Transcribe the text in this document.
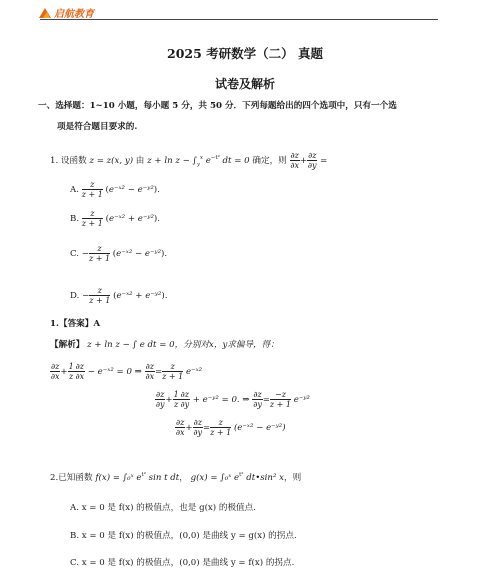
启航教育
2025 考研数学（二） 真题
试卷及解析
一、选择题：1~10 小题，每小题 5 分，共 50 分．下列每题给出的四个选项中，只有一个选
项是符合题目要求的.
1. 设函数 z = z(x, y) 由 $z + \ln z - \int_y^x$ $e^{-t^2}$ dt = 0 确定，则 $\frac{\partial z}{\partial x} + \frac{\partial z}{\partial y}$ =
A. $\frac{z}{z + 1}$ (e⁻ˣ² − e⁻ʸ²).
B. $\frac{z}{z + 1}$ (e⁻ˣ² + e⁻ʸ²).
C. − $\frac{z}{z + 1}$ (e⁻ˣ² − e⁻ʸ²).
D. − $\frac{z}{z + 1}$ (e⁻ˣ² + e⁻ʸ²).
1.【答案】A
【解析】 z + ln z − ∫ e dt = 0，分别对x，y求偏导，得：
$\frac{\partial z}{\partial x} + \frac{1}{z} \frac{\partial z}{\partial x}$ − e⁻ˣ² = 0 ⇒ $\frac{\partial z}{\partial x} = \frac{z}{z + 1}$ e⁻ˣ²
$\frac{\partial z}{\partial y} + \frac{1}{z} \frac{\partial z}{\partial y}$ + e⁻ʸ² = 0. ⇒ $\frac{\partial z}{\partial y} = \frac{-z}{z + 1}$ e⁻ʸ²
$\frac{\partial z}{\partial x} + \frac{\partial z}{\partial y} = \frac{z}{z + 1}$ (e⁻ˣ² − e⁻ʸ²)
2.已知函数 f(x) = ∫₀ˣ $e^{t^2}$ sin t dt， g(x) = ∫₀ˣ $e^{t^2}$ dt•sin² x，则
A. x = 0 是 f(x) 的极值点，也是 g(x) 的极值点.
B. x = 0 是 f(x) 的极值点，(0,0) 是曲线 y = g(x) 的拐点.
C. x = 0 是 f(x) 的极值点，(0,0) 是曲线 y = f(x) 的拐点.
